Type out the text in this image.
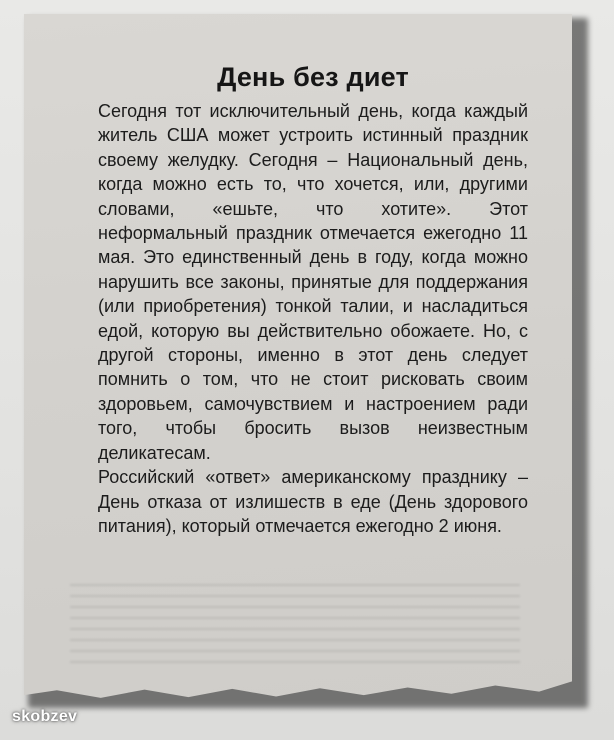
День без диет

Сегодня тот исключительный день, когда каждый житель США может устроить истинный праздник своему желудку. Сегодня – Национальный день, когда можно есть то, что хочется, или, другими словами, «ешьте, что хотите». Этот неформальный праздник отмечается ежегодно 11 мая. Это единственный день в году, когда можно нарушить все законы, принятые для поддержания (или приобретения) тонкой талии, и насладиться едой, которую вы действительно обожаете. Но, с другой стороны, именно в этот день следует помнить о том, что не стоит рисковать своим здоровьем, самочувствием и настроением ради того, чтобы бросить вызов неизвестным деликатесам.

Российский «ответ» американскому празднику – День отказа от излишеств в еде (День здорового питания), который отмечается ежегодно 2 июня.

skobzev
